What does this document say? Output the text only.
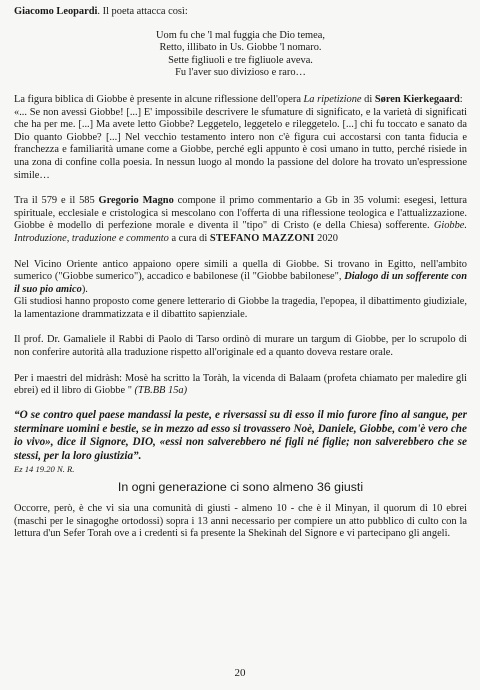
Giacomo Leopardi. Il poeta attacca così:

Uom fu che 'l mal fuggia che Dio temea,
Retto, illibato in Us. Giobbe 'l nomaro.
Sette figliuoli e tre figliuole aveva.
Fu l'aver suo divizioso e raro…

La figura biblica di Giobbe è presente in alcune riflessione dell'opera La ripetizione di Søren Kierkegaard:

«... Se non avessi Giobbe! [...] E' impossibile descrivere le sfumature di significato, e la varietà di significati che ha per me. [...] Ma avete letto Giobbe? Leggetelo, leggetelo e rileggetelo. [...] chi fu toccato e sanato da Dio quanto Giobbe? [...] Nel vecchio testamento intero non c'è figura cui accostarsi con tanta fiducia e franchezza e familiarità umane come a Giobbe, perché egli appunto è così umano in tutto, perché risiede in una zona di confine colla poesia. In nessun luogo al mondo la passione del dolore ha trovato un'espressione simile…

Tra il 579 e il 585 Gregorio Magno compone il primo commentario a Gb in 35 volumi: esegesi, lettura spirituale, ecclesiale e cristologica si mescolano con l'offerta di una riflessione teologica e l'attualizzazione. Giobbe è modello di perfezione morale e diventa il "tipo" di Cristo (e della Chiesa) sofferente. Giobbe. Introduzione, traduzione e commento a cura di STEFANO MAZZONI 2020

Nel Vicino Oriente antico appaiono opere simili a quella di Giobbe. Si trovano in Egitto, nell'ambito sumerico ("Giobbe sumerico"), accadico e babilonese (il "Giobbe babilonese", Dialogo di un sofferente con il suo pio amico).

Gli studiosi hanno proposto come genere letterario di Giobbe la tragedia, l'epopea, il dibattimento giudiziale, la lamentazione drammatizzata e il dibattito sapienziale.

Il prof. Dr. Gamaliele il Rabbi di Paolo di Tarso ordinò di murare un targum di Giobbe, per lo scrupolo di non conferire autorità alla traduzione rispetto all'originale ed a quanto doveva restare orale.

Per i maestri del midràsh: Mosè ha scritto la Toràh, la vicenda di Balaam (profeta chiamato per maledire gli ebrei) ed il libro di Giobbe " (TB.BB 15a)

“O se contro quel paese mandassi la peste, e riversassi su di esso il mio furore fino al sangue, per sterminare uomini e bestie, se in mezzo ad esso si trovassero Noè, Daniele, Giobbe, com'è vero che io vivo», dice il Signore, DIO, «essi non salverebbero né figli né figlie; non salverebbero che se stessi, per la loro giustizia”.

Ez 14 19.20 N. R.
In ogni generazione ci sono almeno 36 giusti

Occorre, però, è che vi sia una comunità di giusti - almeno 10 - che è il Minyan, il quorum di 10 ebrei (maschi per le sinagoghe ortodossi) sopra i 13 anni necessario per compiere un atto pubblico di culto con la lettura d'un Sefer Torah ove a i credenti si fa presente la Shekinah del Signore e vi partecipano gli angeli.

20
